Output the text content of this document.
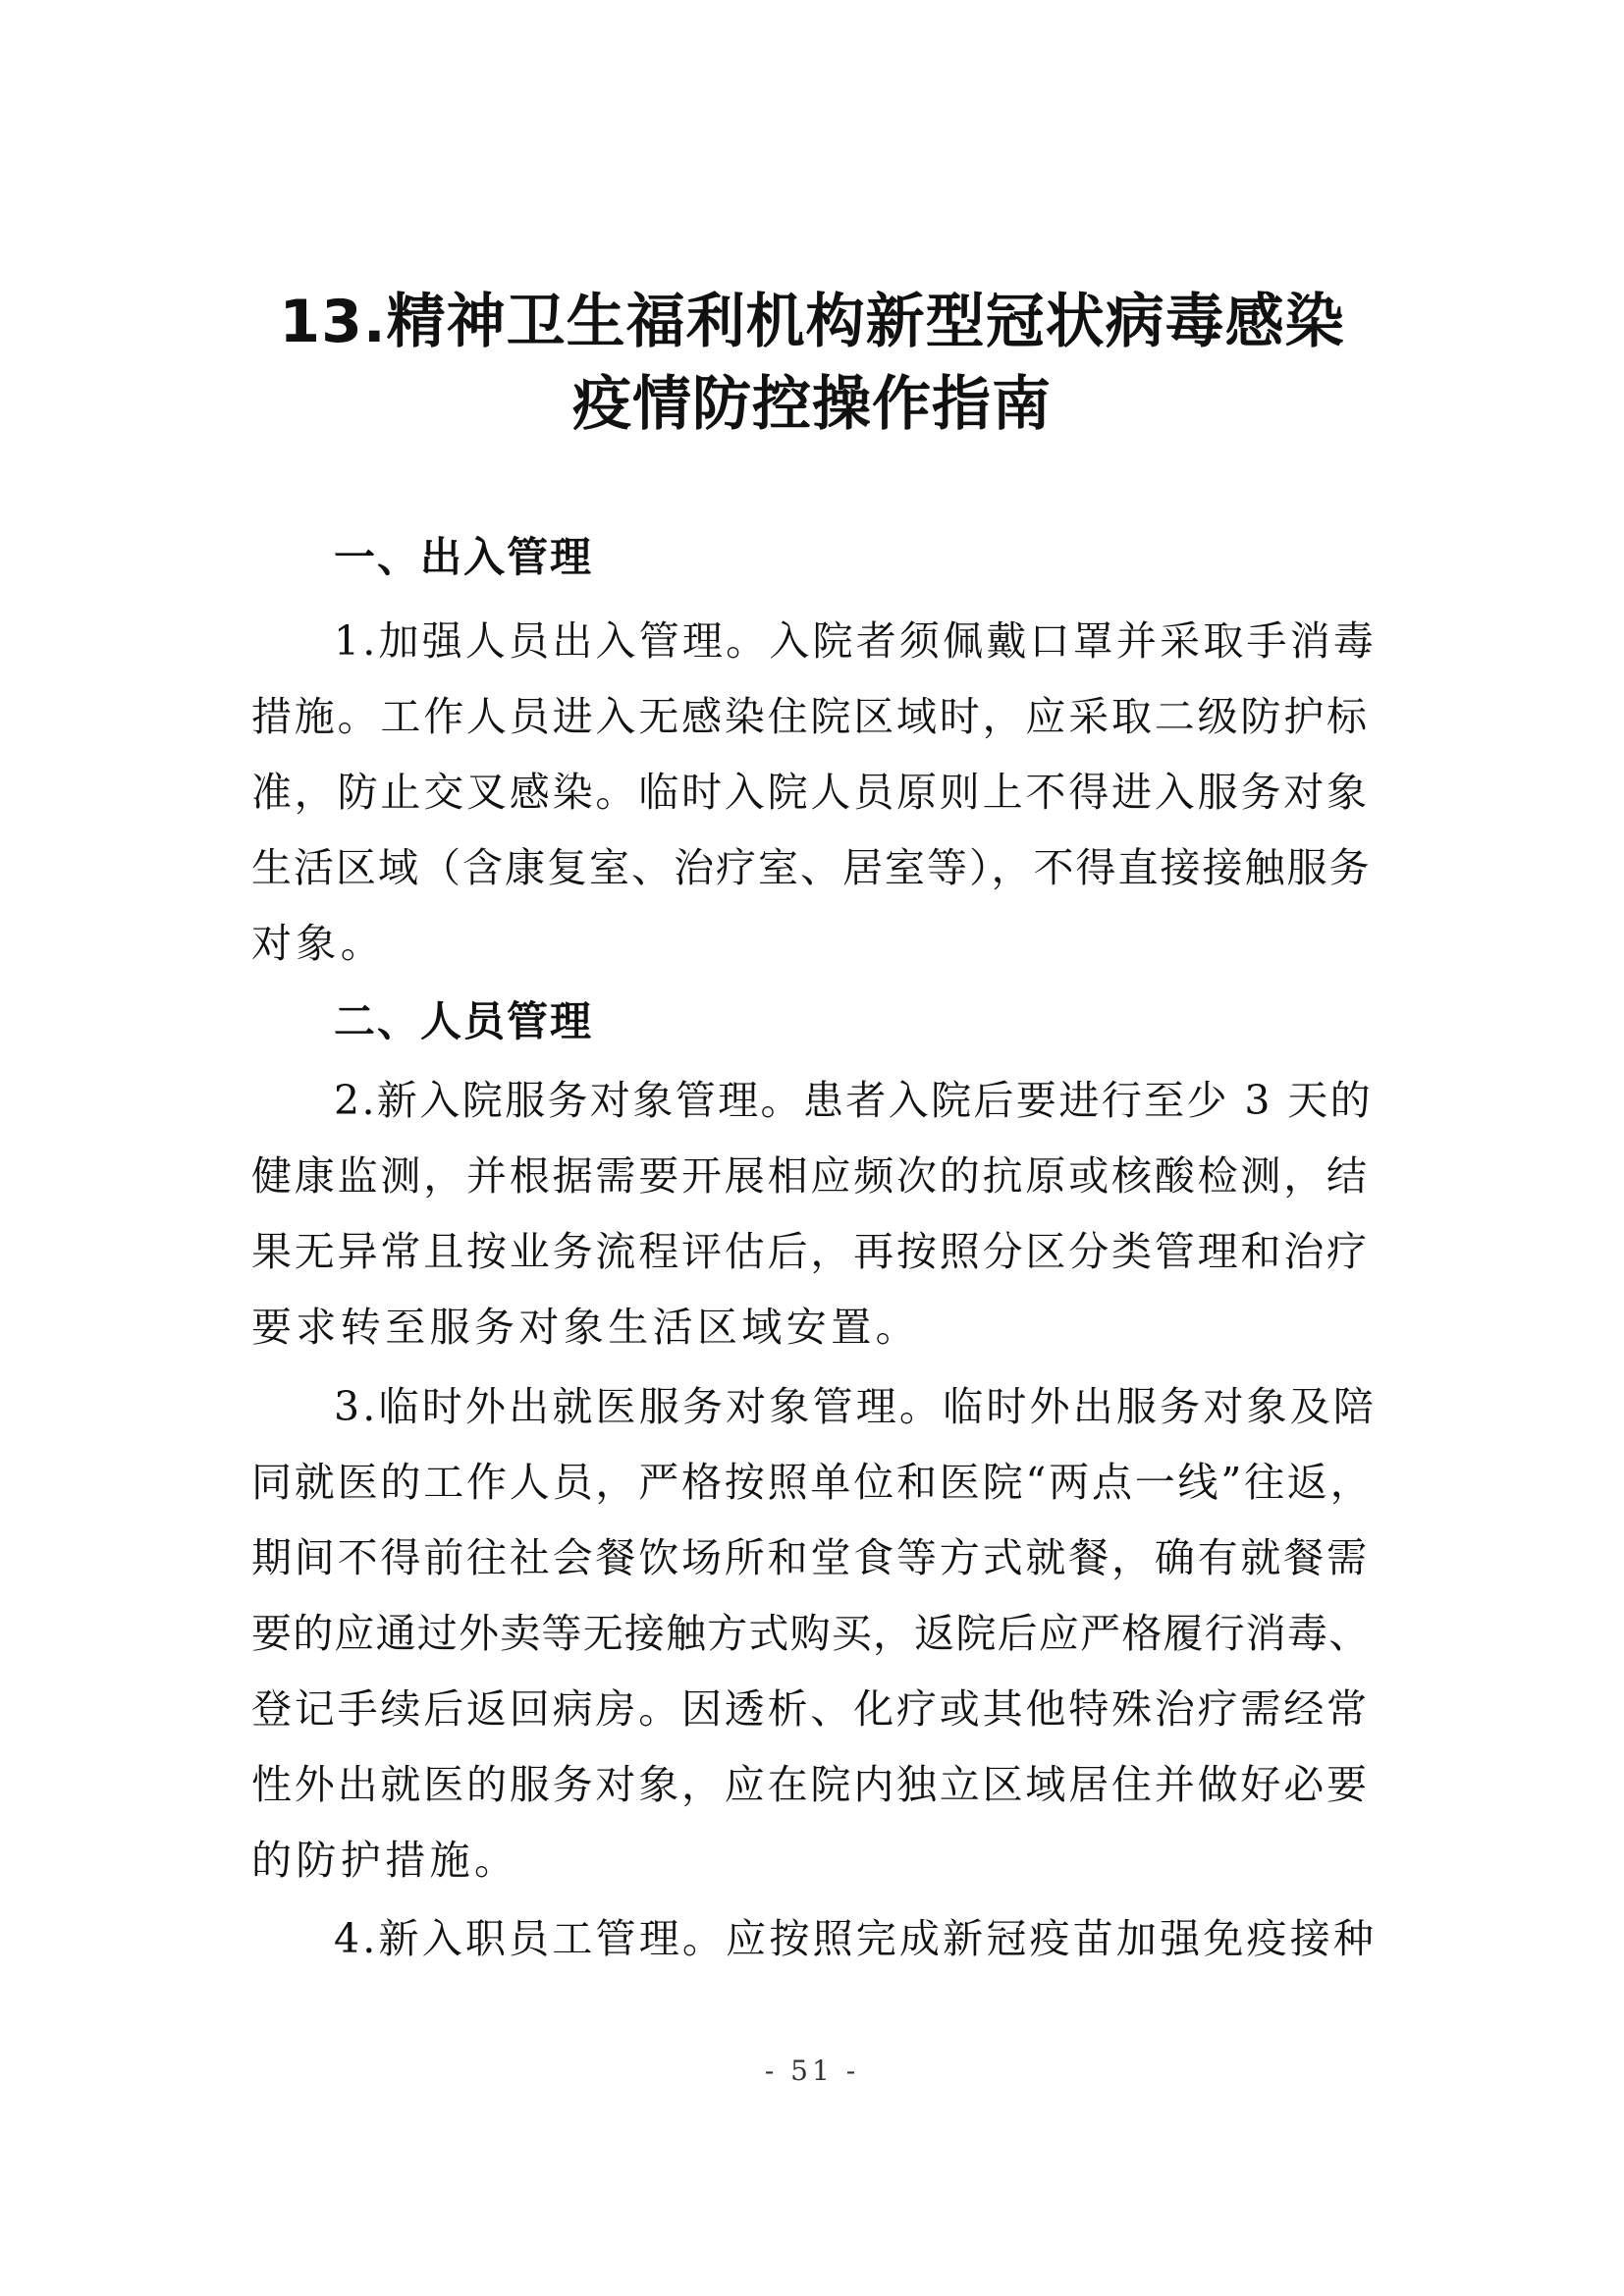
13.精神卫生福利机构新型冠状病毒感染
疫情防控操作指南
一、出入管理
1.加强人员出入管理。入院者须佩戴口罩并采取手消毒
措施。工作人员进入无感染住院区域时，应采取二级防护标
准，防止交叉感染。临时入院人员原则上不得进入服务对象
生活区域（含康复室、治疗室、居室等），不得直接接触服务
对象。
二、人员管理
2.新入院服务对象管理。患者入院后要进行至少 3 天的
健康监测，并根据需要开展相应频次的抗原或核酸检测，结
果无异常且按业务流程评估后，再按照分区分类管理和治疗
要求转至服务对象生活区域安置。
3.临时外出就医服务对象管理。临时外出服务对象及陪
同就医的工作人员，严格按照单位和医院“两点一线”往返，
期间不得前往社会餐饮场所和堂食等方式就餐，确有就餐需
要的应通过外卖等无接触方式购买，返院后应严格履行消毒、
登记手续后返回病房。因透析、化疗或其他特殊治疗需经常
性外出就医的服务对象，应在院内独立区域居住并做好必要
的防护措施。
4.新入职员工管理。应按照完成新冠疫苗加强免疫接种
- 51 -
